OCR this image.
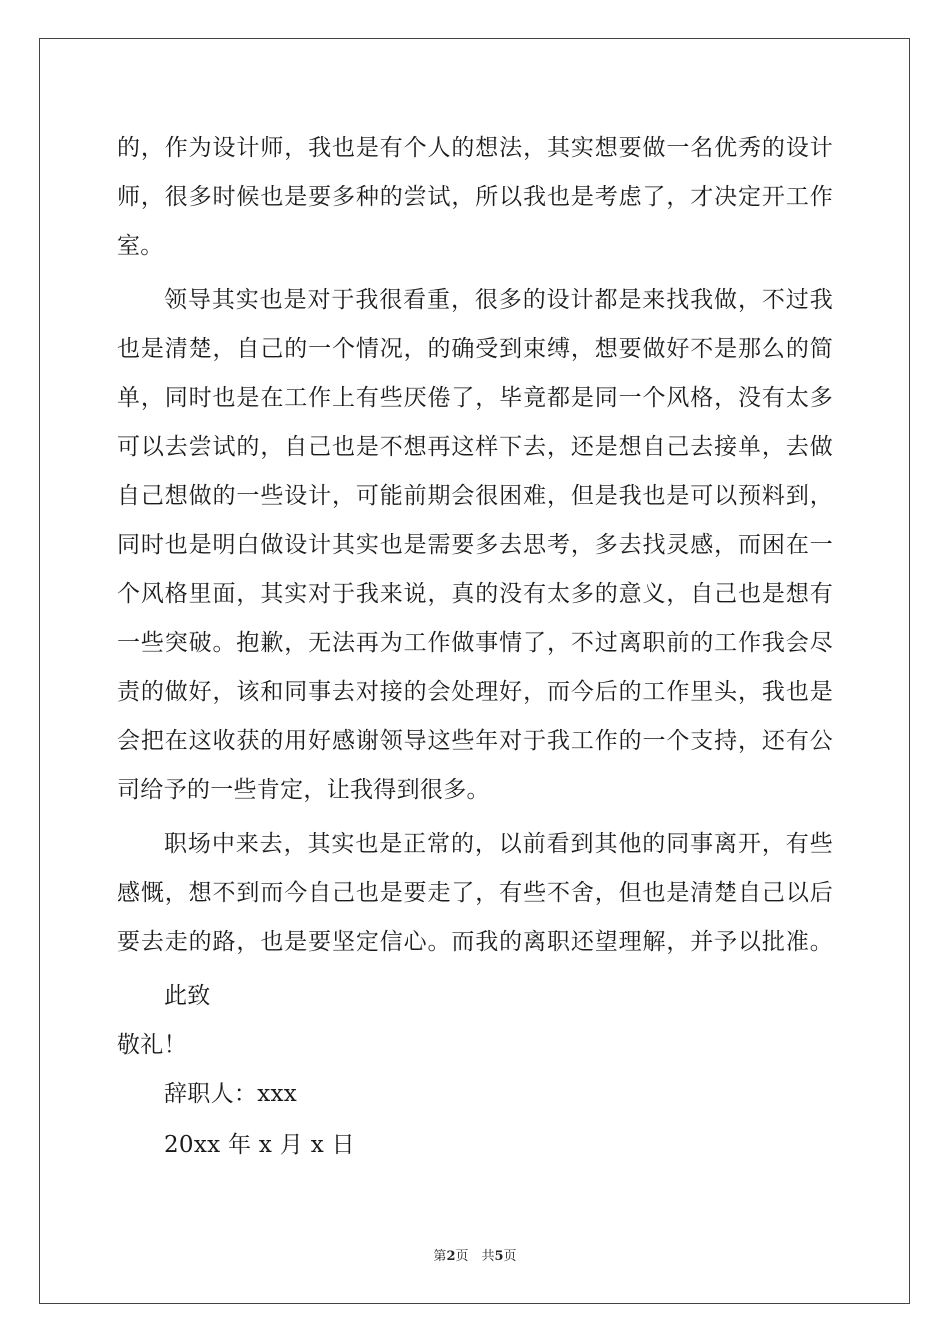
的，作为设计师，我也是有个人的想法，其实想要做一名优秀的设计
师，很多时候也是要多种的尝试，所以我也是考虑了，才决定开工作
室。
领导其实也是对于我很看重，很多的设计都是来找我做，不过我
也是清楚，自己的一个情况，的确受到束缚，想要做好不是那么的简
单，同时也是在工作上有些厌倦了，毕竟都是同一个风格，没有太多
可以去尝试的，自己也是不想再这样下去，还是想自己去接单，去做
自己想做的一些设计，可能前期会很困难，但是我也是可以预料到，
同时也是明白做设计其实也是需要多去思考，多去找灵感，而困在一
个风格里面，其实对于我来说，真的没有太多的意义，自己也是想有
一些突破。抱歉，无法再为工作做事情了，不过离职前的工作我会尽
责的做好，该和同事去对接的会处理好，而今后的工作里头，我也是
会把在这收获的用好感谢领导这些年对于我工作的一个支持，还有公
司给予的一些肯定，让我得到很多。
职场中来去，其实也是正常的，以前看到其他的同事离开，有些
感慨，想不到而今自己也是要走了，有些不舍，但也是清楚自己以后
要去走的路，也是要坚定信心。而我的离职还望理解，并予以批准。
此致
敬礼！
辞职人：xxx
20xx 年 x 月 x 日
第2页　共5页
